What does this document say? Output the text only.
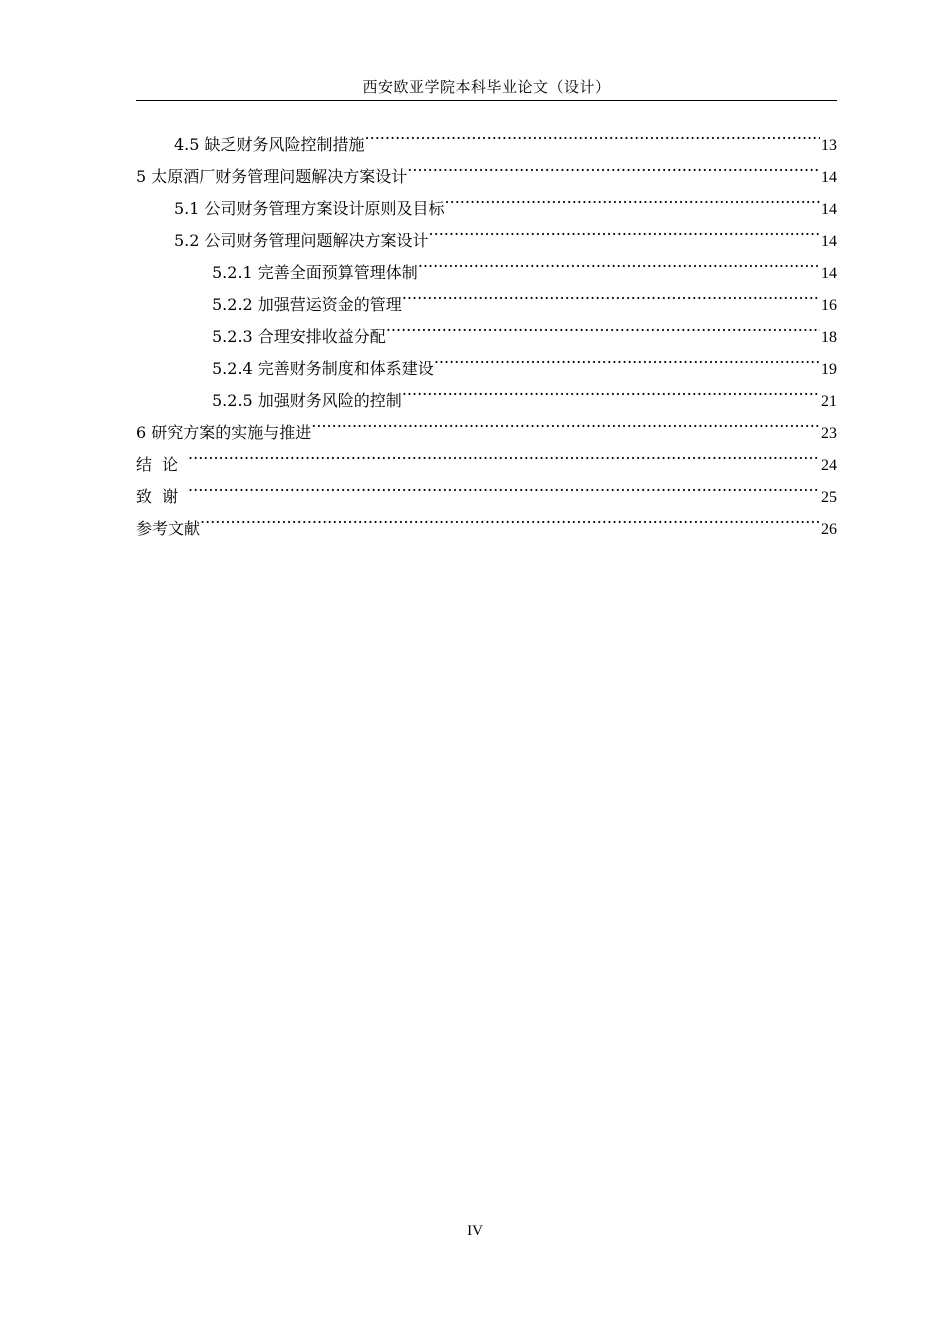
西安欧亚学院本科毕业论文（设计）
4.5 缺乏财务风险控制措施 .....	13
5 太原酒厂财务管理问题解决方案设计 .....	14
5.1 公司财务管理方案设计原则及目标 .....	14
5.2 公司财务管理问题解决方案设计 .....	14
5.2.1 完善全面预算管理体制 .....	14
5.2.2 加强营运资金的管理 .....	16
5.2.3 合理安排收益分配 .....	18
5.2.4 完善财务制度和体系建设 .....	19
5.2.5 加强财务风险的控制 .....	21
6 研究方案的实施与推进 .....	23
结论 .....	24
致谢 .....	25
参考文献 .....	26
IV
